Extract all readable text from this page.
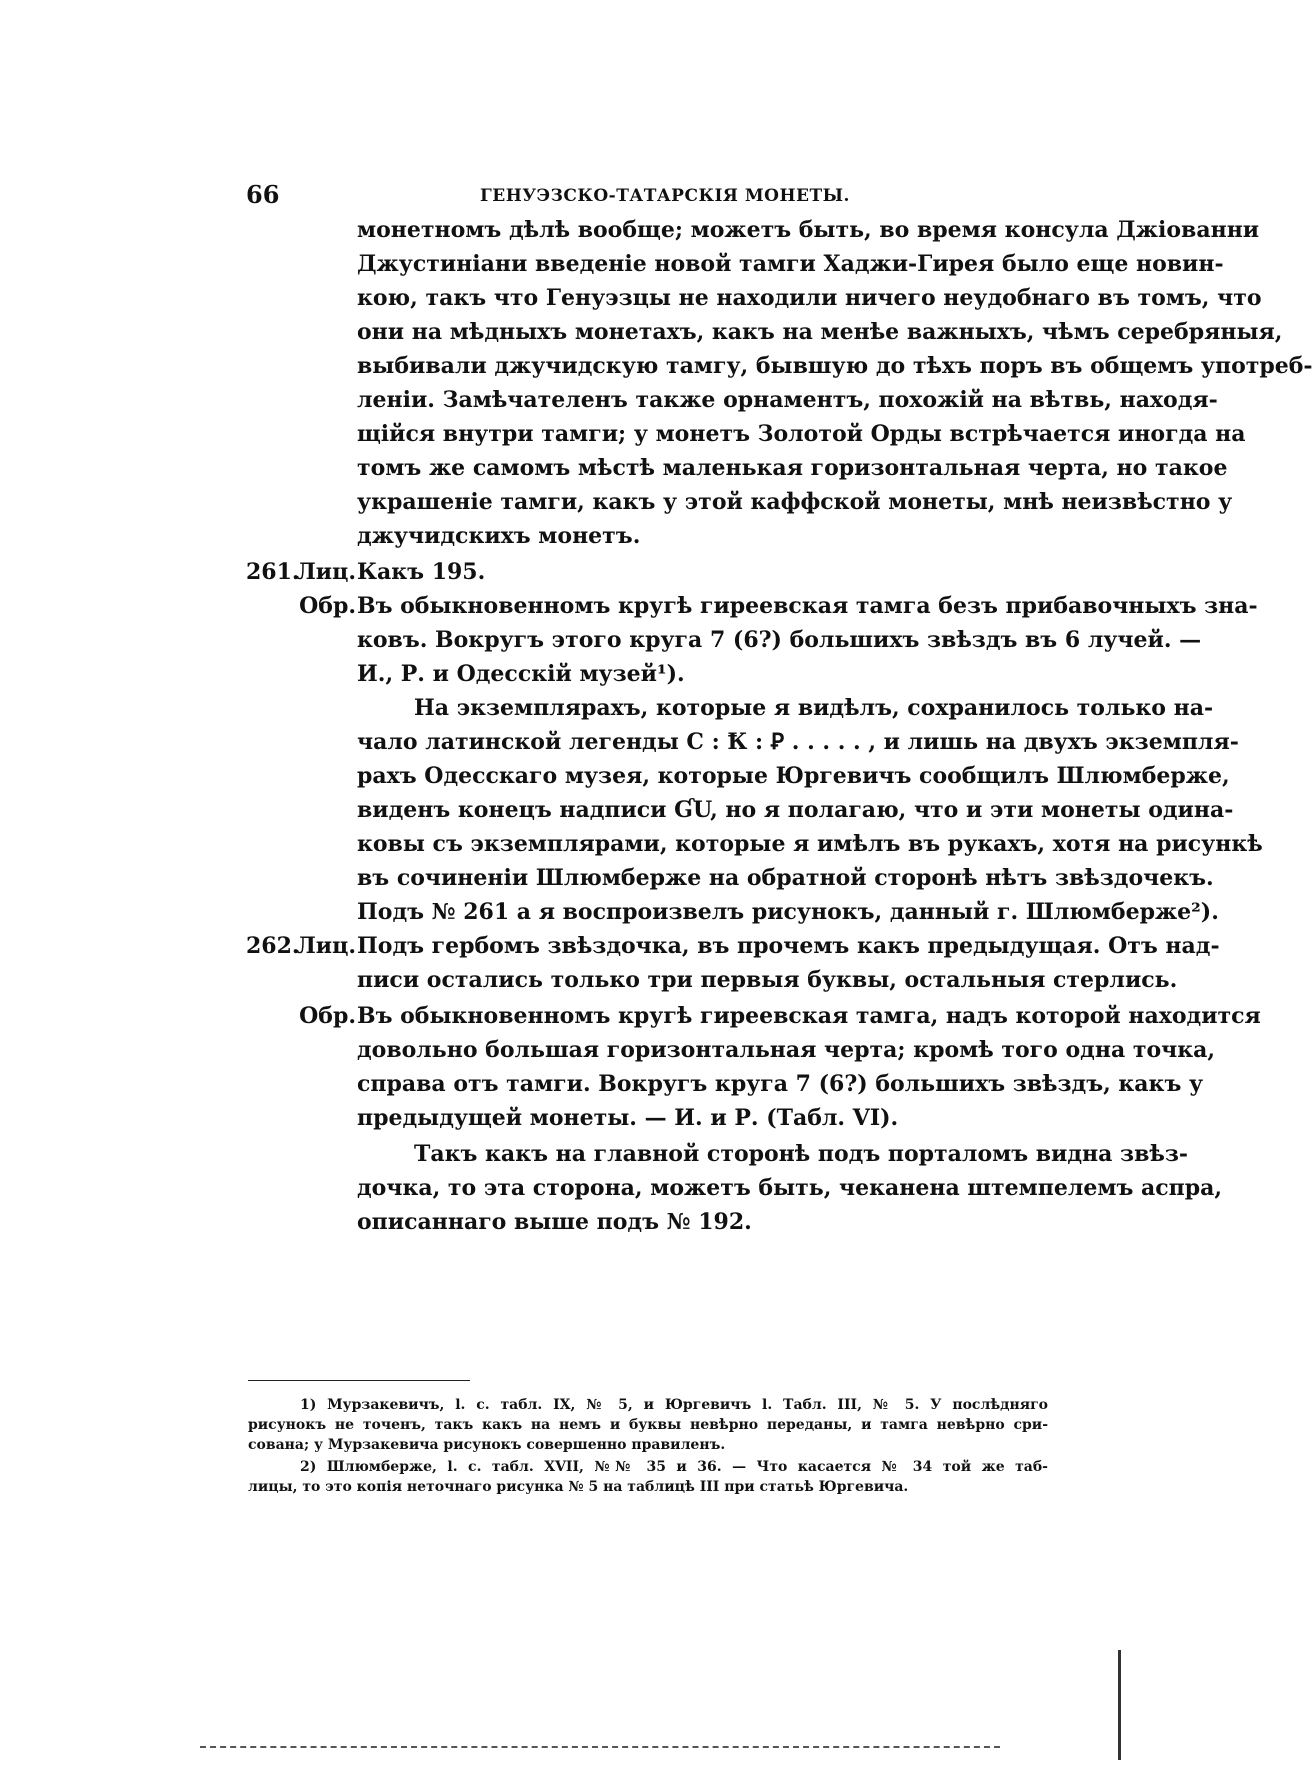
66	ГЕНУЭЗСКО-ТАТАРСКІЯ МОНЕТЫ.
монетномъ дѣлѣ вообще; можетъ быть, во время консула Джіованни
Джустиніани введеніе новой тамги Хаджи-Гирея было еще новин-
кою, такъ что Генуэзцы не находили ничего неудобнаго въ томъ, что
они на мѣдныхъ монетахъ, какъ на менѣе важныхъ, чѣмъ серебряныя,
выбивали джучидскую тамгу, бывшую до тѣхъ поръ въ общемъ употреб-
леніи. Замѣчателенъ также орнаментъ, похожій на вѣтвь, находя-
щійся внутри тамги; у монетъ Золотой Орды встрѣчается иногда на
томъ же самомъ мѣстѣ маленькая горизонтальная черта, но такое
украшеніе тамги, какъ у этой каффской монеты, мнѣ неизвѣстно у
джучидскихъ монетъ.
261.
Лиц. Какъ 195.
Обр. Въ обыкновенномъ кругѣ гиреевская тамга безъ прибавочныхъ зна-
ковъ. Вокругъ этого круга 7 (6?) большихъ звѣздъ въ 6 лучей. —
И., Р. и Одесскій музей¹).
На экземплярахъ, которые я видѣлъ, сохранилось только на-
чало латинской легенды С : Ꝁ : Ꝑ . . . . . , и лишь на двухъ экземпля-
рахъ Одесскаго музея, которые Юргевичъ сообщилъ Шлюмберже,
виденъ конецъ надписи ƓU, но я полагаю, что и эти монеты одина-
ковы съ экземплярами, которые я имѣлъ въ рукахъ, хотя на рисункѣ
въ сочиненіи Шлюмберже на обратной сторонѣ нѣтъ звѣздочекъ.
Подъ № 261 а я воспроизвелъ рисунокъ, данный г. Шлюмберже²).
262.
Лиц. Подъ гербомъ звѣздочка, въ прочемъ какъ предыдущая. Отъ над-
писи остались только три первыя буквы, остальныя стерлись.
Обр. Въ обыкновенномъ кругѣ гиреевская тамга, надъ которой находится
довольно большая горизонтальная черта; кромѣ того одна точка,
справа отъ тамги. Вокругъ круга 7 (6?) большихъ звѣздъ, какъ у
предыдущей монеты. — И. и Р. (Табл. VI).
Такъ какъ на главной сторонѣ подъ порталомъ видна звѣз-
дочка, то эта сторона, можетъ быть, чеканена штемпелемъ аспра,
описаннаго выше подъ № 192.
1) Мурзакевичъ, l. c. табл. IX, № 5, и Юргевичъ l. Табл. III, № 5. У послѣдняго
рисунокъ не точенъ, такъ какъ на немъ и буквы невѣрно переданы, и тамга невѣрно сри-
сована; у Мурзакевича рисунокъ совершенно правиленъ.
2) Шлюмберже, l. c. табл. XVII, №№ 35 и 36. — Что касается № 34 той же таб-
лицы, то это копія неточнаго рисунка № 5 на таблицѣ III при статьѣ Юргевича.
